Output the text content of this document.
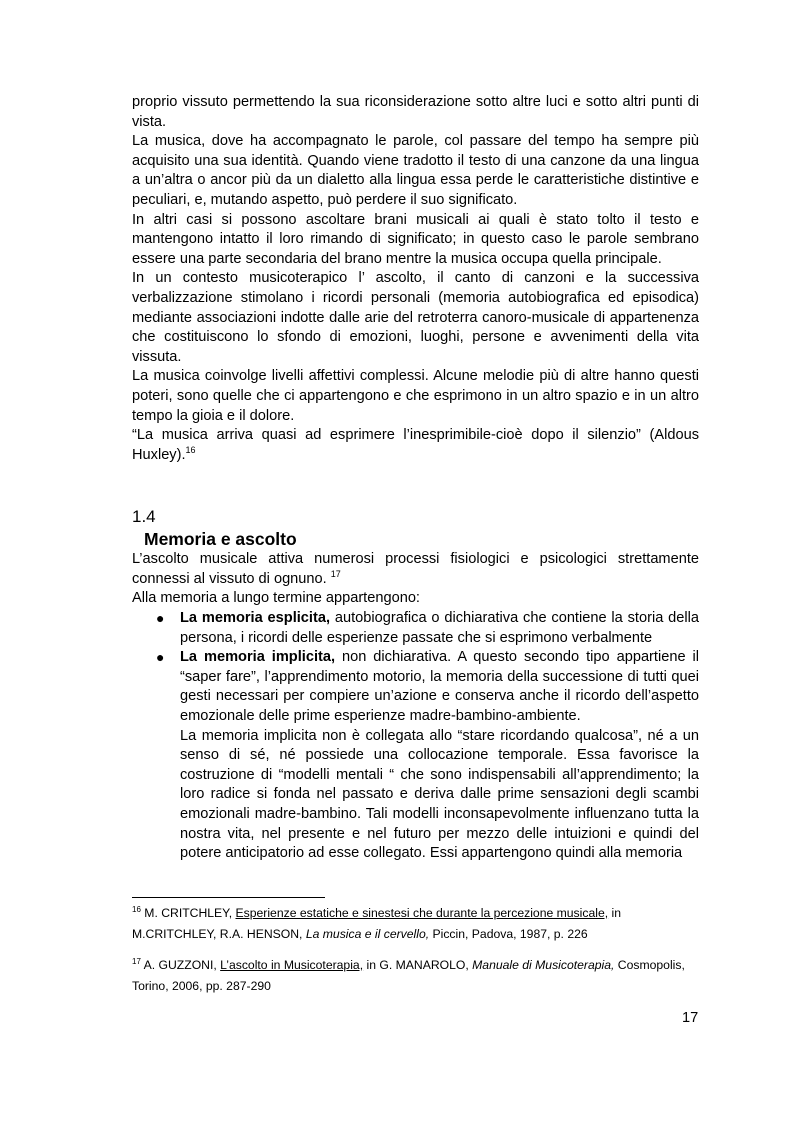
proprio vissuto permettendo la sua riconsiderazione sotto altre luci e sotto altri punti di vista.

La musica, dove ha accompagnato le parole, col passare del tempo ha sempre più acquisito una sua identità. Quando viene tradotto il testo di una canzone da una lingua a un’altra o ancor più da un dialetto alla lingua essa perde le caratteristiche distintive e peculiari, e, mutando aspetto, può perdere il suo significato.

In altri casi si possono ascoltare brani musicali ai quali è stato tolto il testo e mantengono intatto il loro rimando di significato; in questo caso le parole sembrano essere una parte secondaria del brano mentre la musica occupa quella principale.

In un contesto musicoterapico l’ ascolto, il canto di canzoni e la successiva verbalizzazione stimolano i ricordi personali (memoria autobiografica ed episodica) mediante associazioni indotte dalle arie del retroterra canoro-musicale di appartenenza che costituiscono lo sfondo di emozioni, luoghi, persone e avvenimenti della vita vissuta.

La musica coinvolge livelli affettivi complessi. Alcune melodie più di altre hanno questi poteri, sono quelle che ci appartengono e che esprimono in un altro spazio e in un altro tempo la gioia e il dolore.

“La musica arriva quasi ad esprimere l’inesprimibile-cioè dopo il silenzio” (Aldous Huxley).$^{16}$

1.4
Memoria e ascolto

L’ascolto musicale attiva numerosi processi fisiologici e psicologici strettamente connessi al vissuto di ognuno. $^{17}$

Alla memoria a lungo termine appartengono:

● La memoria esplicita, autobiografica o dichiarativa che contiene la storia della persona, i ricordi delle esperienze passate che si esprimono verbalmente

● La memoria implicita, non dichiarativa. A questo secondo tipo appartiene il “saper fare”, l’apprendimento motorio, la memoria della successione di tutti quei gesti necessari per compiere un’azione e conserva anche il ricordo dell’aspetto emozionale delle prime esperienze madre-bambino-ambiente.

La memoria implicita non è collegata allo “stare ricordando qualcosa”, né a un senso di sé, né possiede una collocazione temporale. Essa favorisce la costruzione di “modelli mentali “ che sono indispensabili all’apprendimento; la loro radice si fonda nel passato e deriva dalle prime sensazioni degli scambi emozionali madre-bambino. Tali modelli inconsapevolmente influenzano tutta la nostra vita, nel presente e nel futuro per mezzo delle intuizioni e quindi del potere anticipatorio ad esse collegato. Essi appartengono quindi alla memoria

$^{16}$ M. CRITCHLEY, Esperienze estatiche e sinestesi che durante la percezione musicale, in M.CRITCHLEY, R.A. HENSON, La musica e il cervello, Piccin, Padova, 1987, p. 226

$^{17}$ A. GUZZONI, L’ascolto in Musicoterapia, in G. MANAROLO, Manuale di Musicoterapia, Cosmopolis, Torino, 2006, pp. 287-290

17
